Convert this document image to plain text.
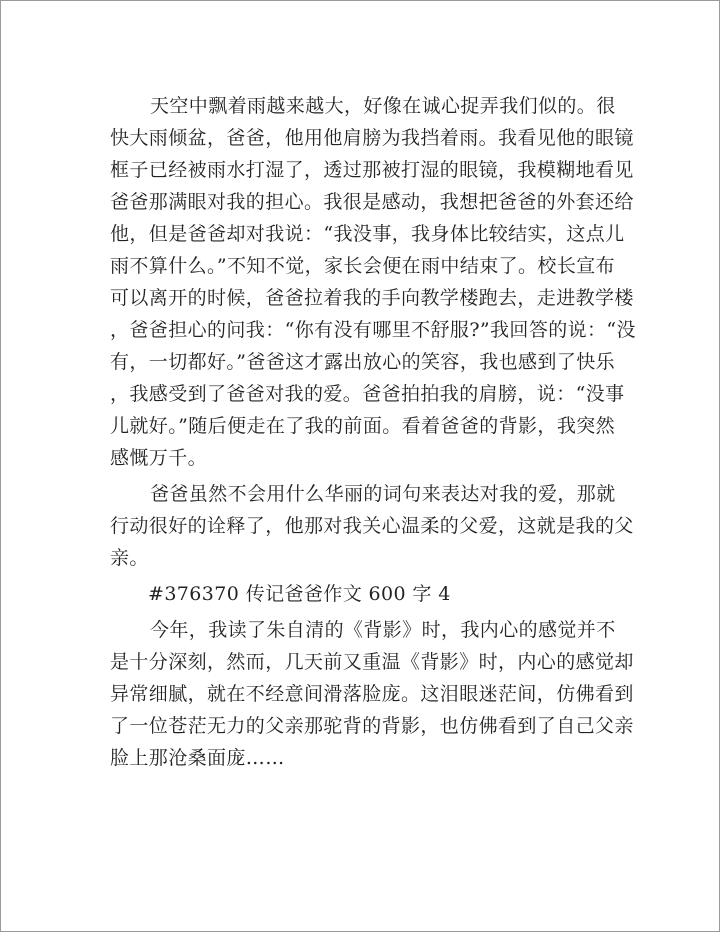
天空中飘着雨越来越大，好像在诚心捉弄我们似的。很
快大雨倾盆，爸爸，他用他肩膀为我挡着雨。我看见他的眼镜
框子已经被雨水打湿了，透过那被打湿的眼镜，我模糊地看见
爸爸那满眼对我的担心。我很是感动，我想把爸爸的外套还给
他，但是爸爸却对我说：“我没事，我身体比较结实，这点儿
雨不算什么。”不知不觉，家长会便在雨中结束了。校长宣布
可以离开的时候，爸爸拉着我的手向教学楼跑去，走进教学楼
，爸爸担心的问我：“你有没有哪里不舒服?”我回答的说：“没
有，一切都好。”爸爸这才露出放心的笑容，我也感到了快乐
，我感受到了爸爸对我的爱。爸爸拍拍我的肩膀，说：“没事
儿就好。”随后便走在了我的前面。看着爸爸的背影，我突然
感慨万千。
爸爸虽然不会用什么华丽的词句来表达对我的爱，那就
行动很好的诠释了，他那对我关心温柔的父爱，这就是我的父
亲。
#376370 传记爸爸作文 600 字 4
今年，我读了朱自清的《背影》时，我内心的感觉并不
是十分深刻，然而，几天前又重温《背影》时，内心的感觉却
异常细腻，就在不经意间滑落脸庞。这泪眼迷茫间，仿佛看到
了一位苍茫无力的父亲那驼背的背影，也仿佛看到了自己父亲
脸上那沧桑面庞……
